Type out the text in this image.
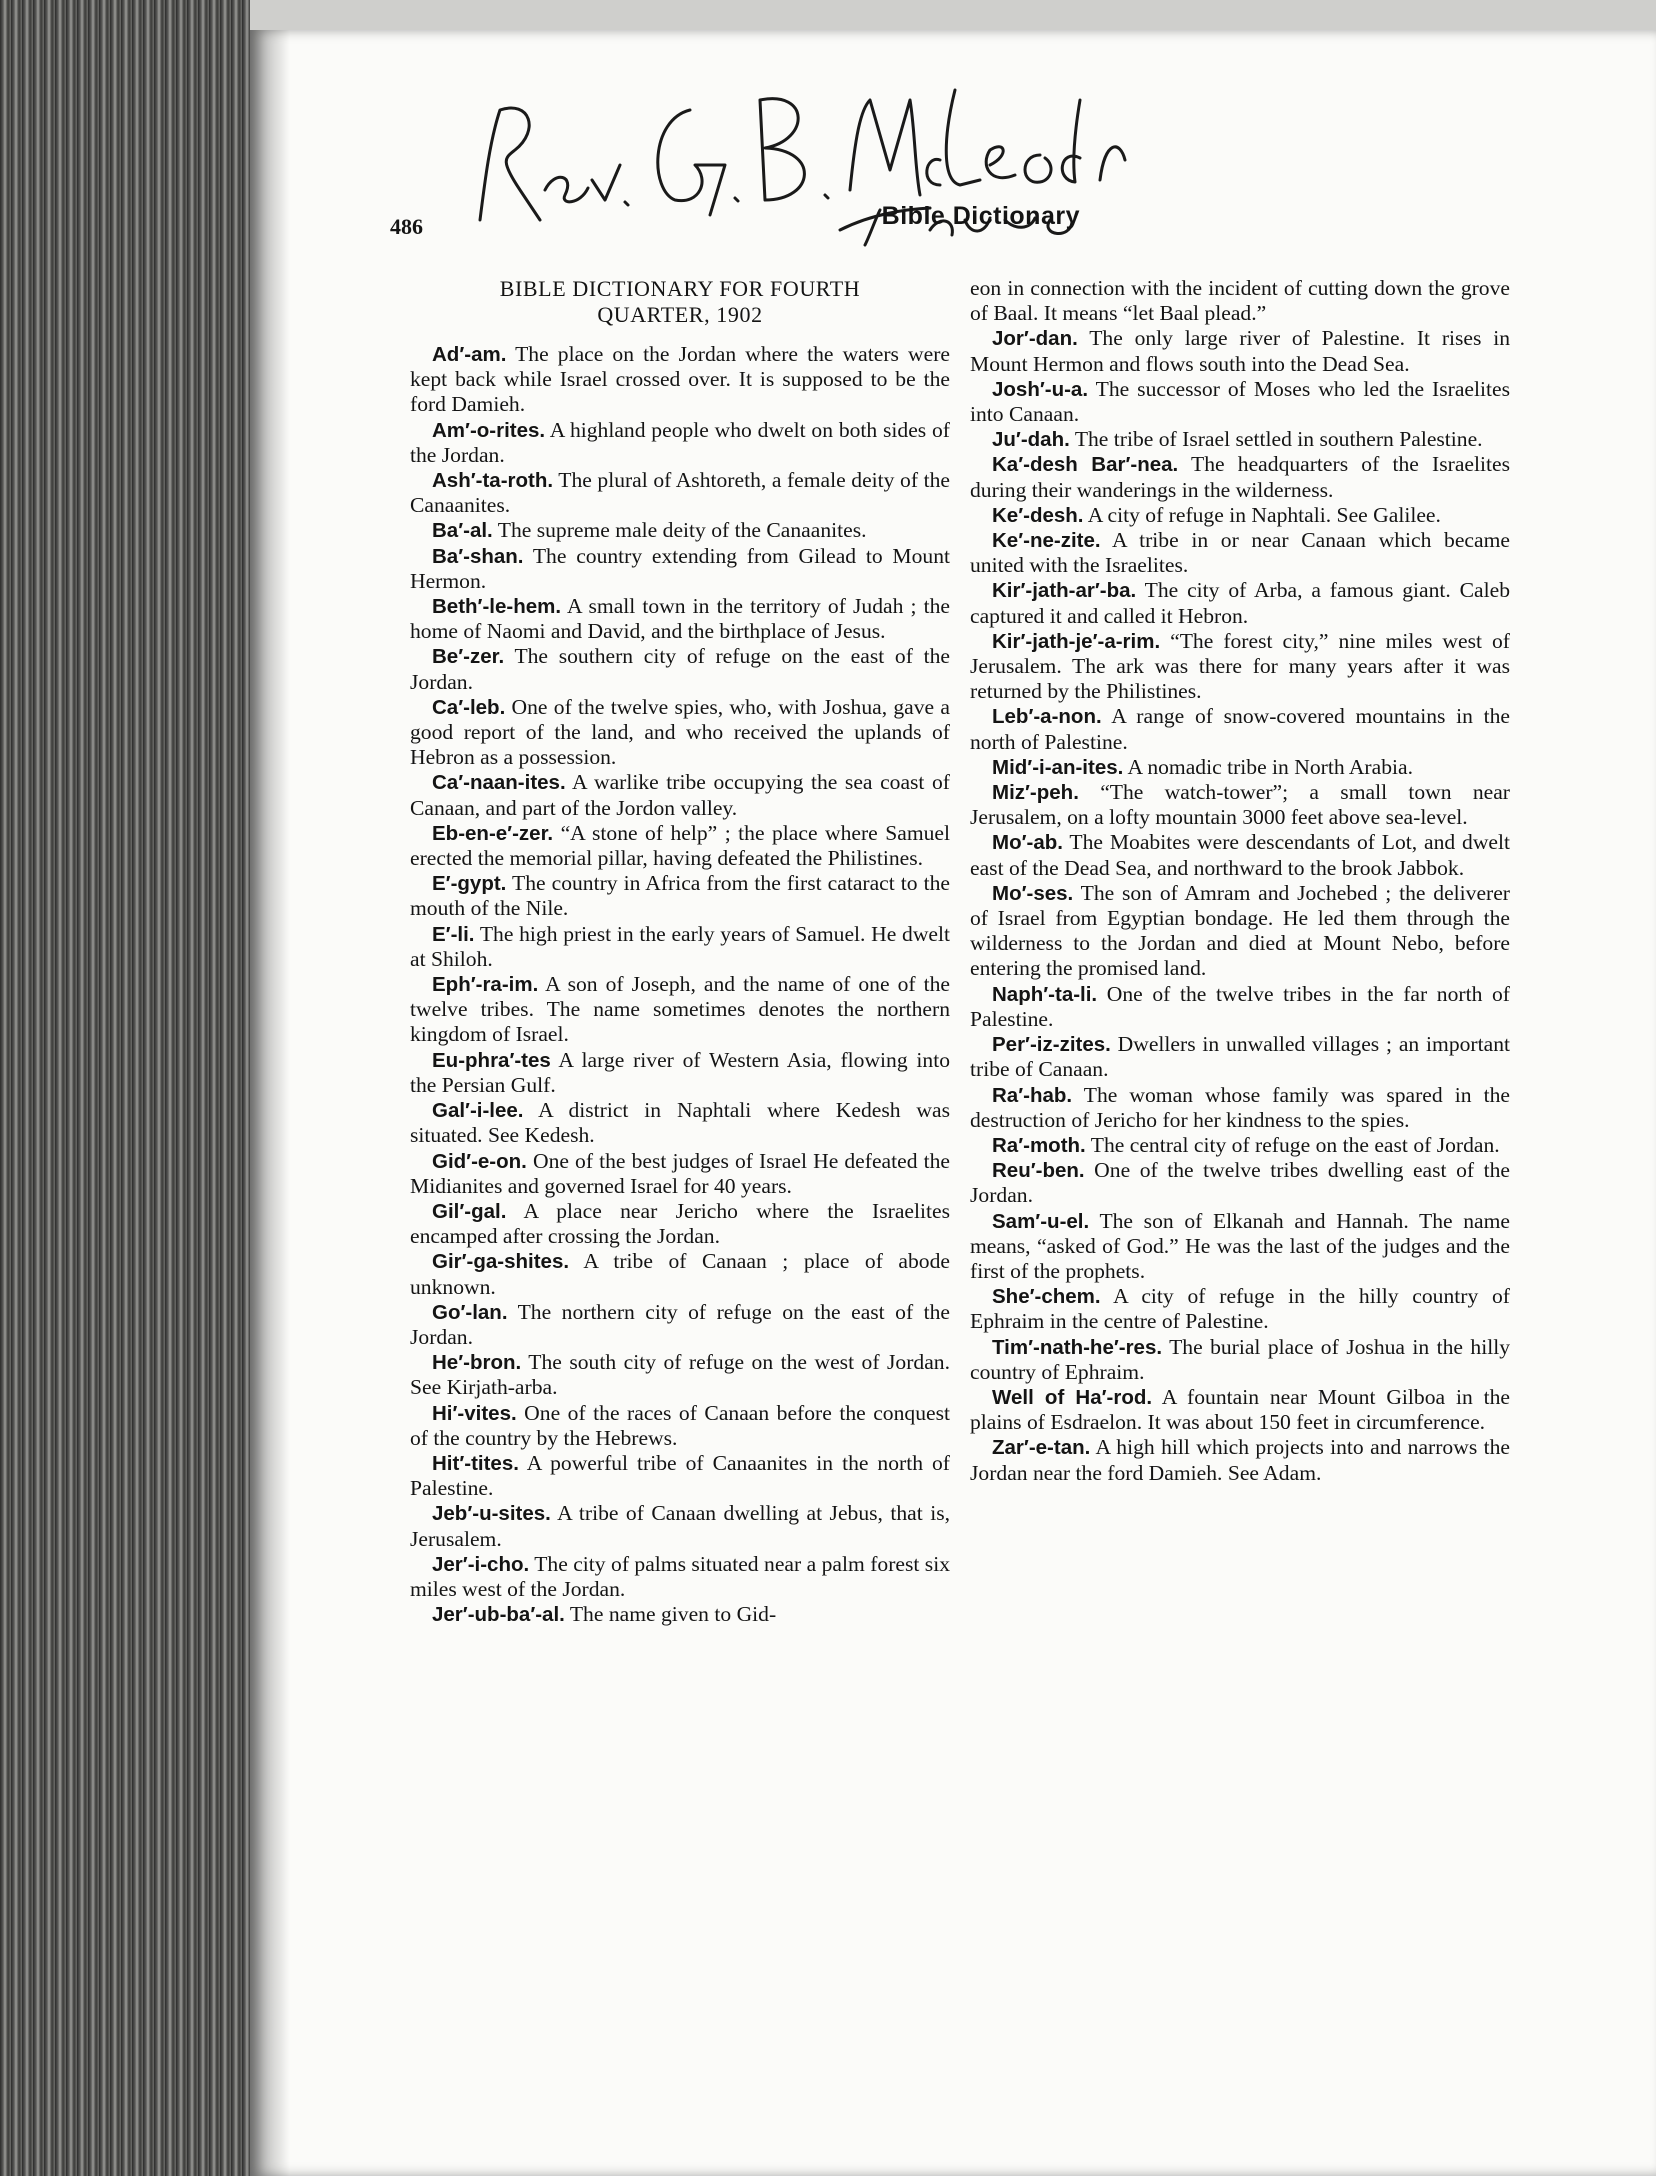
486	Bible Dictionary
BIBLE DICTIONARY FOR FOURTH
QUARTER, 1902

Ad′-am. The place on the Jordan where the waters were kept back while Israel crossed over. It is supposed to be the ford Damieh.

Am′-o-rites. A highland people who dwelt on both sides of the Jordan.

Ash′-ta-roth. The plural of Ashtoreth, a female deity of the Canaanites.

Ba′-al. The supreme male deity of the Canaanites.

Ba′-shan. The country extending from Gilead to Mount Hermon.

Beth′-le-hem. A small town in the territory of Judah ; the home of Naomi and David, and the birthplace of Jesus.

Be′-zer. The southern city of refuge on the east of the Jordan.

Ca′-leb. One of the twelve spies, who, with Joshua, gave a good report of the land, and who received the uplands of Hebron as a possession.

Ca′-naan-ites. A warlike tribe occupying the sea coast of Canaan, and part of the Jordon valley.

Eb-en-e′-zer. “A stone of help” ; the place where Samuel erected the memorial pillar, having defeated the Philistines.

E′-gypt. The country in Africa from the first cataract to the mouth of the Nile.

E′-li. The high priest in the early years of Samuel. He dwelt at Shiloh.

Eph′-ra-im. A son of Joseph, and the name of one of the twelve tribes. The name sometimes denotes the northern kingdom of Israel.

Eu-phra′-tes A large river of Western Asia, flowing into the Persian Gulf.

Gal′-i-lee. A district in Naphtali where Kedesh was situated. See Kedesh.

Gid′-e-on. One of the best judges of Israel He defeated the Midianites and governed Israel for 40 years.

Gil′-gal. A place near Jericho where the Israelites encamped after crossing the Jordan.

Gir′-ga-shites. A tribe of Canaan ; place of abode unknown.

Go′-lan. The northern city of refuge on the east of the Jordan.

He′-bron. The south city of refuge on the west of Jordan. See Kirjath-arba.

Hi′-vites. One of the races of Canaan before the conquest of the country by the Hebrews.

Hit′-tites. A powerful tribe of Canaanites in the north of Palestine.

Jeb′-u-sites. A tribe of Canaan dwelling at Jebus, that is, Jerusalem.

Jer′-i-cho. The city of palms situated near a palm forest six miles west of the Jordan.

Jer′-ub-ba′-al. The name given to Gid-

eon in connection with the incident of cutting down the grove of Baal. It means “let Baal plead.”

Jor′-dan. The only large river of Palestine. It rises in Mount Hermon and flows south into the Dead Sea.

Josh′-u-a. The successor of Moses who led the Israelites into Canaan.

Ju′-dah. The tribe of Israel settled in southern Palestine.

Ka′-desh Bar′-nea. The headquarters of the Israelites during their wanderings in the wilderness.

Ke′-desh. A city of refuge in Naphtali. See Galilee.

Ke′-ne-zite. A tribe in or near Canaan which became united with the Israelites.

Kir′-jath-ar′-ba. The city of Arba, a famous giant. Caleb captured it and called it Hebron.

Kir′-jath-je′-a-rim. “The forest city,” nine miles west of Jerusalem. The ark was there for many years after it was returned by the Philistines.

Leb′-a-non. A range of snow-covered mountains in the north of Palestine.

Mid′-i-an-ites. A nomadic tribe in North Arabia.

Miz′-peh. “The watch-tower”; a small town near Jerusalem, on a lofty mountain 3000 feet above sea-level.

Mo′-ab. The Moabites were descendants of Lot, and dwelt east of the Dead Sea, and northward to the brook Jabbok.

Mo′-ses. The son of Amram and Jochebed ; the deliverer of Israel from Egyptian bondage. He led them through the wilderness to the Jordan and died at Mount Nebo, before entering the promised land.

Naph′-ta-li. One of the twelve tribes in the far north of Palestine.

Per′-iz-zites. Dwellers in unwalled villages ; an important tribe of Canaan.

Ra′-hab. The woman whose family was spared in the destruction of Jericho for her kindness to the spies.

Ra′-moth. The central city of refuge on the east of Jordan.

Reu′-ben. One of the twelve tribes dwelling east of the Jordan.

Sam′-u-el. The son of Elkanah and Hannah. The name means, “asked of God.” He was the last of the judges and the first of the prophets.

She′-chem. A city of refuge in the hilly country of Ephraim in the centre of Palestine.

Tim′-nath-he′-res. The burial place of Joshua in the hilly country of Ephraim.

Well of Ha′-rod. A fountain near Mount Gilboa in the plains of Esdraelon. It was about 150 feet in circumference.

Zar′-e-tan. A high hill which projects into and narrows the Jordan near the ford Damieh. See Adam.
